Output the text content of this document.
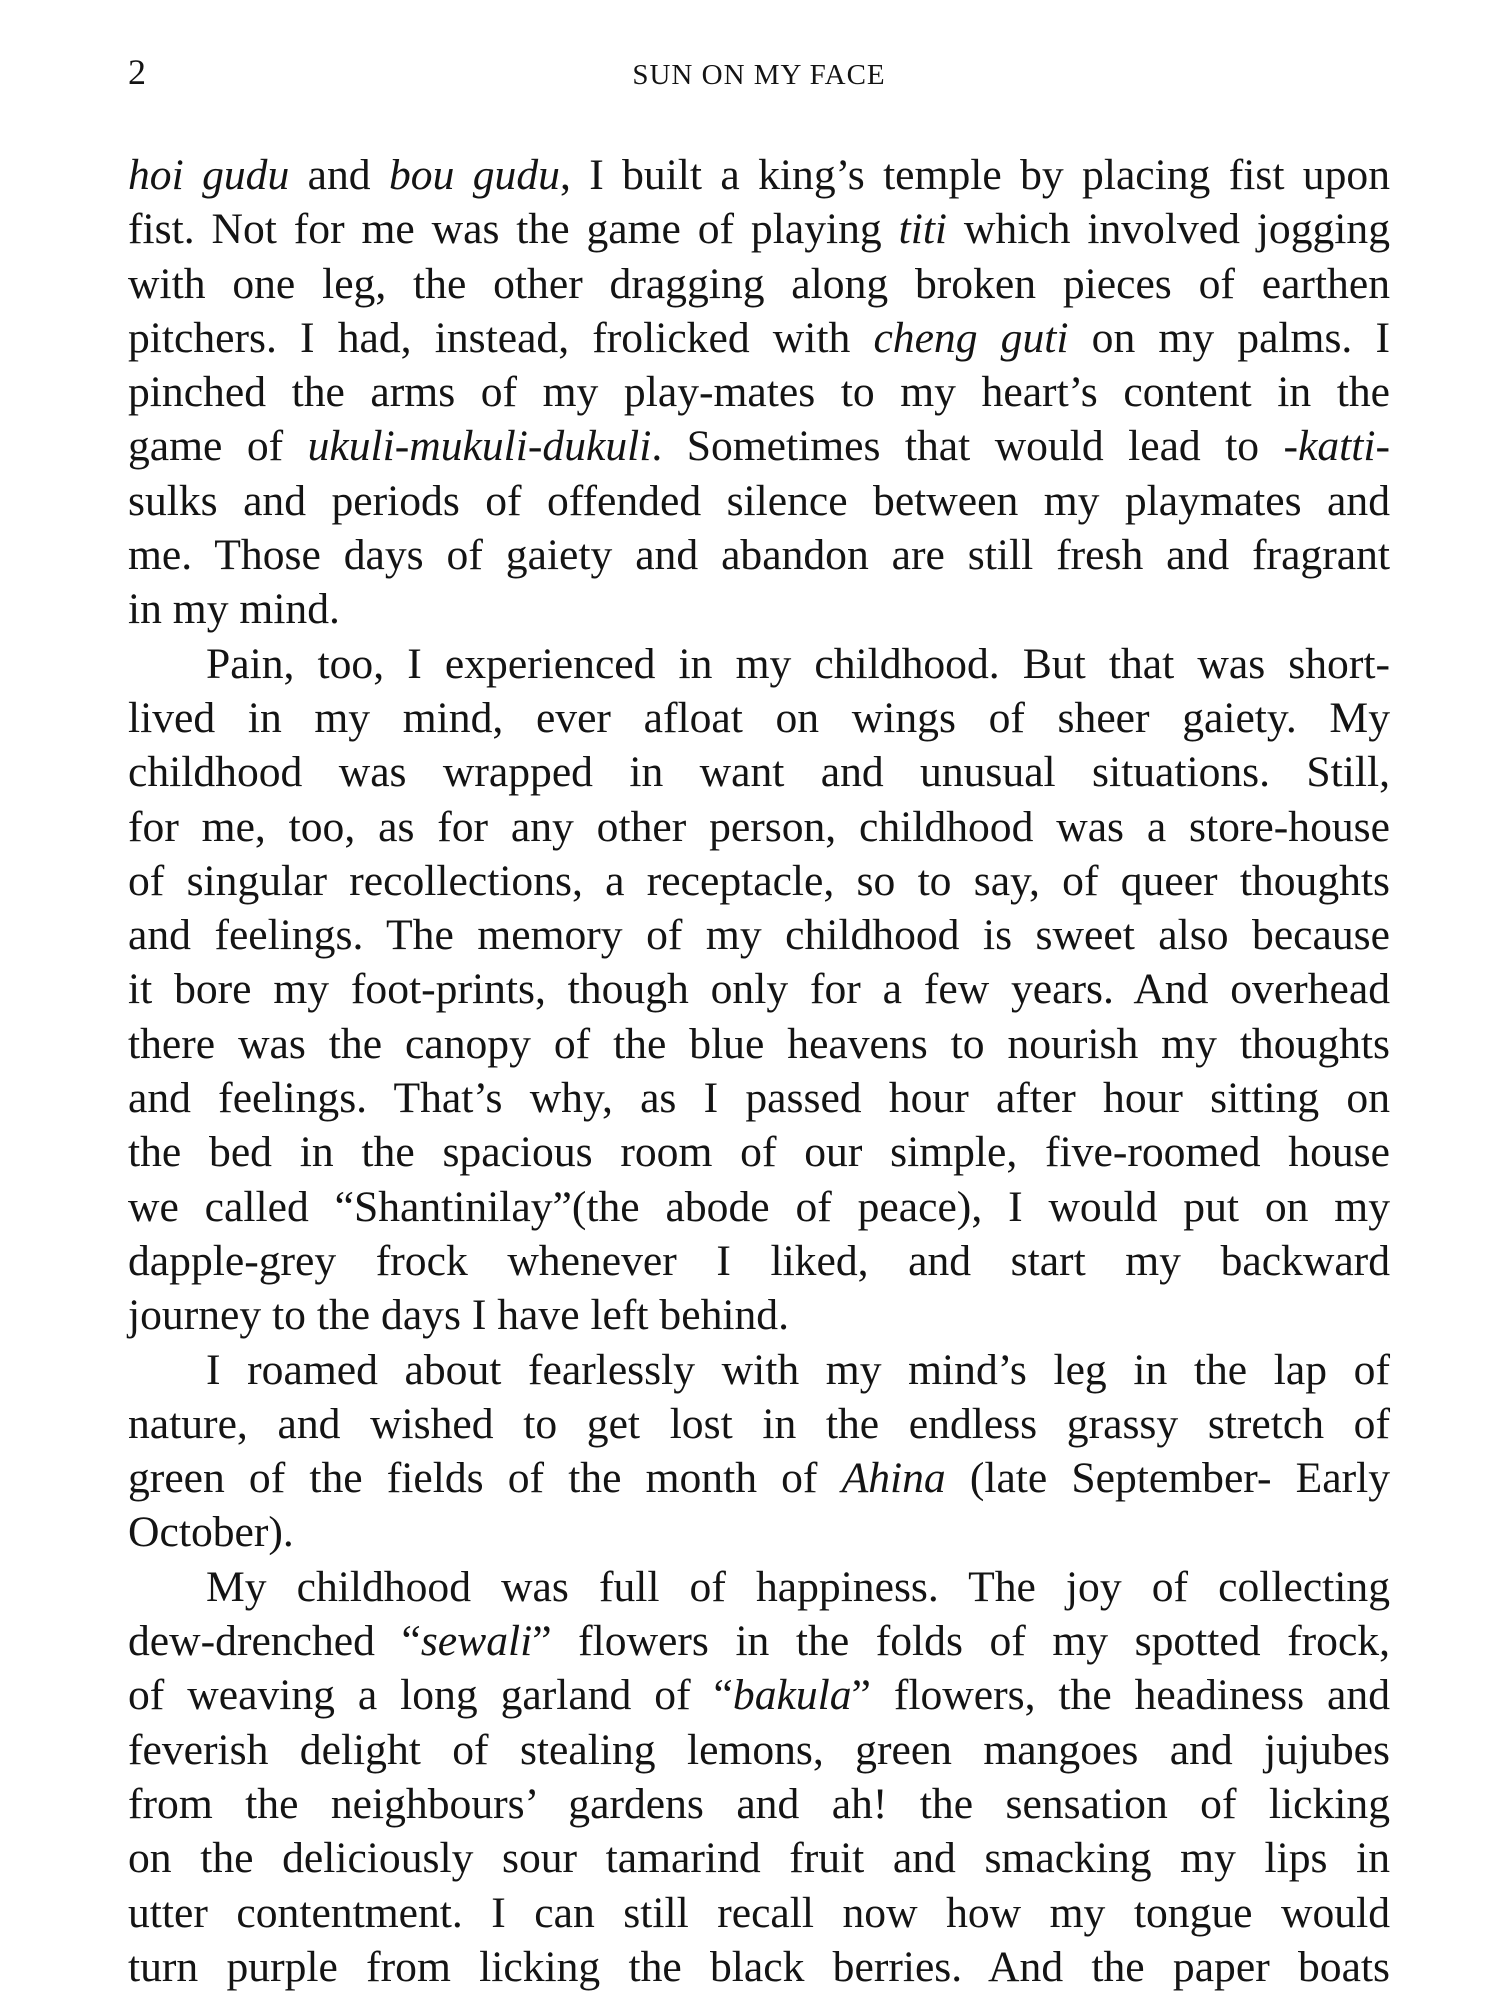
2	SUN ON MY FACE
hoi gudu and bou gudu, I built a king’s temple by placing fist upon
fist. Not for me was the game of playing titi which involved jogging
with one leg, the other dragging along broken pieces of earthen
pitchers. I had, instead, frolicked with cheng guti on my palms. I
pinched the arms of my play-mates to my heart’s content in the
game of ukuli-mukuli-dukuli. Sometimes that would lead to -katti-
sulks and periods of offended silence between my playmates and
me. Those days of gaiety and abandon are still fresh and fragrant
in my mind.
Pain, too, I experienced in my childhood. But that was short-
lived in my mind, ever afloat on wings of sheer gaiety. My
childhood was wrapped in want and unusual situations. Still,
for me, too, as for any other person, childhood was a store-house
of singular recollections, a receptacle, so to say, of queer thoughts
and feelings. The memory of my childhood is sweet also because
it bore my foot-prints, though only for a few years. And overhead
there was the canopy of the blue heavens to nourish my thoughts
and feelings. That’s why, as I passed hour after hour sitting on
the bed in the spacious room of our simple, five-roomed house
we called “Shantinilay”(the abode of peace), I would put on my
dapple-grey frock whenever I liked, and start my backward
journey to the days I have left behind.
I roamed about fearlessly with my mind’s leg in the lap of
nature, and wished to get lost in the endless grassy stretch of
green of the fields of the month of Ahina (late September- Early
October).
My childhood was full of happiness. The joy of collecting
dew-drenched “sewali” flowers in the folds of my spotted frock,
of weaving a long garland of “bakula” flowers, the headiness and
feverish delight of stealing lemons, green mangoes and jujubes
from the neighbours’ gardens and ah! the sensation of licking
on the deliciously sour tamarind fruit and smacking my lips in
utter contentment. I can still recall now how my tongue would
turn purple from licking the black berries. And the paper boats
